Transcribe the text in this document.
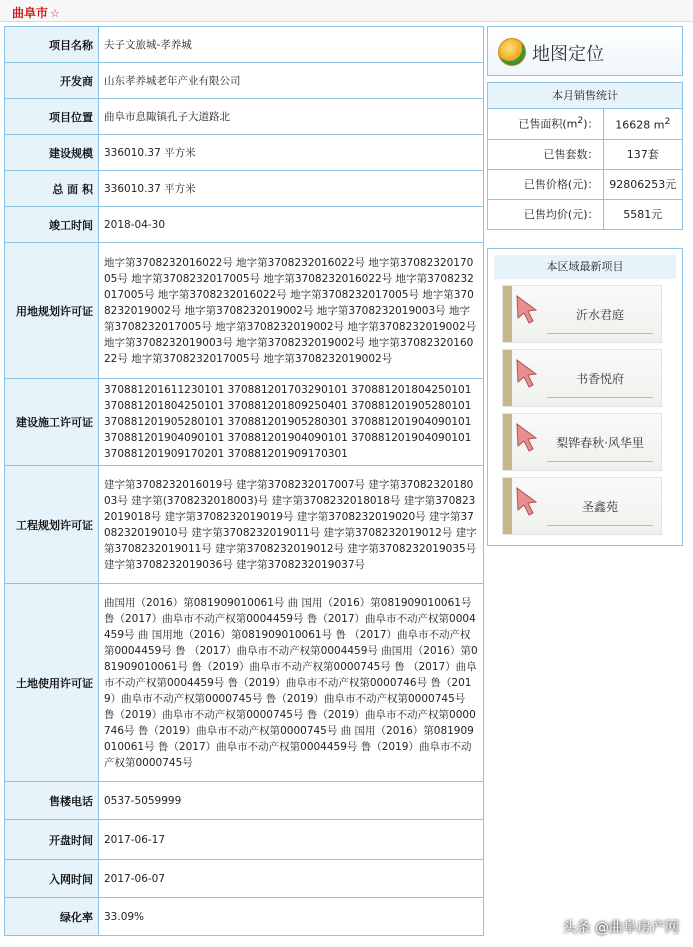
曲阜市 ☆
项目名称	夫子文旅城-孝养城
开发商	山东孝养城老年产业有限公司
项目位置	曲阜市息陬镇孔子大道路北
建设规模	336010.37 平方米
总 面 积	336010.37 平方米
竣工时间	2018-04-30
用地规划许可证	地字第3708232016022号 地字第3708232016022号 地字第3708232017005号 地字第3708232017005号 地字第3708232016022号 地字第3708232017005号 地字第3708232016022号 地字第3708232017005号 地字第3708232019002号 地字第3708232019002号 地字第3708232019003号 地字第3708232017005号 地字第3708232019002号 地字第3708232019002号 地字第3708232019003号 地字第3708232019002号 地字第3708232016022号 地字第3708232017005号 地字第3708232019002号
建设施工许可证	370881201611230101 370881201703290101 370881201804250101 370881201804250101 370881201809250401 370881201905280101 370881201905280101 370881201905280301 370881201904090101 370881201904090101 370881201904090101 370881201904090101 370881201909170201 370881201909170301
工程规划许可证	建字第3708232016019号 建字第3708232017007号 建字第3708232018003号 建字第(3708232018003)号 建字第3708232018018号 建字第3708232019018号 建字第3708232019019号 建字第3708232019020号 建字第3708232019010号 建字第3708232019011号 建字第3708232019012号 建字第3708232019011号 建字第3708232019012号 建字第3708232019035号 建字第3708232019036号 建字第3708232019037号
土地使用许可证	曲国用（2016）第081909010061号 曲 国用（2016）第081909010061号 鲁（2017）曲阜市不动产权第0004459号 鲁（2017）曲阜市不动产权第0004459号 曲 国用地（2016）第081909010061号 鲁 （2017）曲阜市不动产权第0004459号 鲁 （2017）曲阜市不动产权第0004459号 曲国用（2016）第081909010061号 鲁（2019）曲阜市不动产权第0000745号 鲁 （2017）曲阜市不动产权第0004459号 鲁（2019）曲阜市不动产权第0000746号 鲁（2019）曲阜市不动产权第0000745号 鲁（2019）曲阜市不动产权第0000745号 鲁（2019）曲阜市不动产权第0000745号 鲁（2019）曲阜市不动产权第0000746号 鲁（2019）曲阜市不动产权第0000745号 曲 国用（2016）第081909010061号 鲁（2017）曲阜市不动产权第0004459号 鲁（2019）曲阜市不动产权第0000745号
售楼电话	0537-5059999
开盘时间	2017-06-17
入网时间	2017-06-07
绿化率	33.09%
地图定位
本月销售统计
已售面积$(m^2)$：	16628 $m^2$
已售套数：	137套
已售价格(元)：	92806253元
已售均价(元)：	5581元
本区域最新项目
沂水君庭
书香悦府
梨铧春秋·风华里
圣鑫苑
头条 @曲阜房产网
